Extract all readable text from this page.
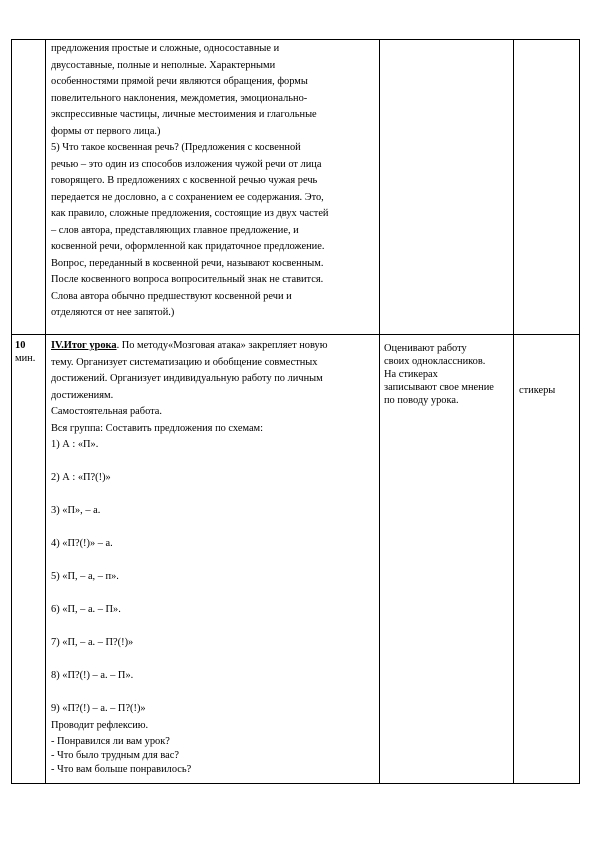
предложения простые и сложные, односоставные и
двусоставные, полные и неполные. Характерными
особенностями прямой речи являются обращения, формы
повелительного наклонения, междометия, эмоционально-
экспрессивные частицы, личные местоимения и глагольные
формы от первого лица.)
5) Что такое косвенная речь? (Предложения с косвенной
речью – это один из способов изложения чужой речи от лица
говорящего. В предложениях с косвенной речью чужая речь
передается не дословно, а с сохранением ее содержания. Это,
как правило, сложные предложения, состоящие из двух частей
– слов автора, представляющих главное предложение, и
косвенной речи, оформленной как придаточное предложение.
Вопрос, переданный в косвенной речи, называют косвенным.
После косвенного вопроса вопросительный знак не ставится.
Слова автора обычно предшествуют косвенной речи и
отделяются от нее запятой.)
10
мин.
IV.Итог урока. По методу«Мозговая атака» закрепляет новую
тему. Организует систематизацию и обобщение совместных
достижений. Организует индивидуальную работу по личным
достижениям.
Самостоятельная работа.
Вся группа: Составить предложения по схемам:
1) А : «П».
2) А : «П?(!)»
3) «П», – а.
4) «П?(!)» – а.
5) «П, – а, – п».
6) «П, – а. – П».
7) «П, – а. – П?(!)»
8) «П?(!) – а. – П».
9) «П?(!) – а. – П?(!)»
Проводит рефлексию.
- Понравился ли вам урок?
- Что было трудным для вас?
- Что вам больше понравилось?
Оценивают работу
своих одноклассников.
На стикерах
записывают свое мнение
по поводу урока.
стикеры
